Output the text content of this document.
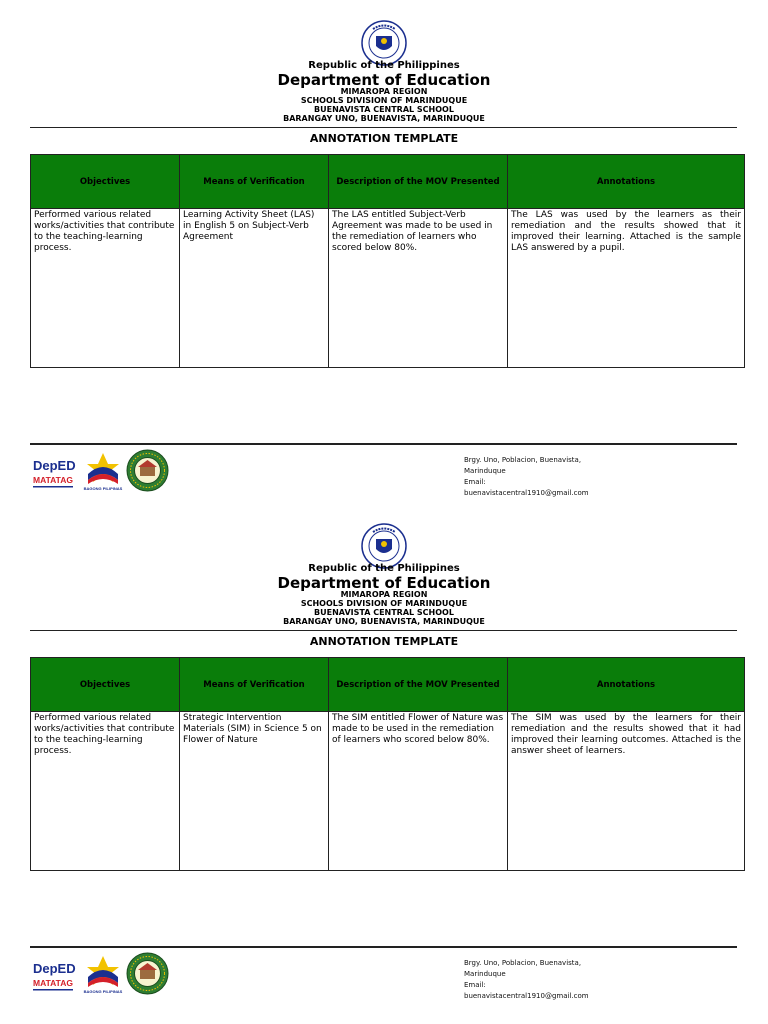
Republic of the Philippines
Department of Education
MIMAROPA REGION
SCHOOLS DIVISION OF MARINDUQUE
BUENAVISTA CENTRAL SCHOOL
BARANGAY UNO, BUENAVISTA, MARINDUQUE
ANNOTATION TEMPLATE
Objectives	Means of Verification	Description of the MOV Presented	Annotations
Performed various related works/activities that contribute to the teaching-learning process.	Learning Activity Sheet (LAS) in English 5 on Subject-Verb Agreement	The LAS entitled Subject-Verb Agreement was made to be used in the remediation of learners who scored below 80%.	The LAS was used by the learners as their remediation and the results showed that it improved their learning. Attached is the sample LAS answered by a pupil.
DepED
MATATAG
BAGONG PILIPINAS
Brgy. Uno, Poblacion, Buenavista,
Marinduque
Email:
buenavistacentral1910@gmail.com
Republic of the Philippines
Department of Education
MIMAROPA REGION
SCHOOLS DIVISION OF MARINDUQUE
BUENAVISTA CENTRAL SCHOOL
BARANGAY UNO, BUENAVISTA, MARINDUQUE
ANNOTATION TEMPLATE
Objectives	Means of Verification	Description of the MOV Presented	Annotations
Performed various related works/activities that contribute to the teaching-learning process.	Strategic Intervention Materials (SIM) in Science 5 on Flower of Nature	The SIM entitled Flower of Nature was made to be used in the remediation of learners who scored below 80%.	The SIM was used by the learners for their remediation and the results showed that it had improved their learning outcomes. Attached is the answer sheet of learners.
DepED
MATATAG
BAGONG PILIPINAS
Brgy. Uno, Poblacion, Buenavista,
Marinduque
Email:
buenavistacentral1910@gmail.com
